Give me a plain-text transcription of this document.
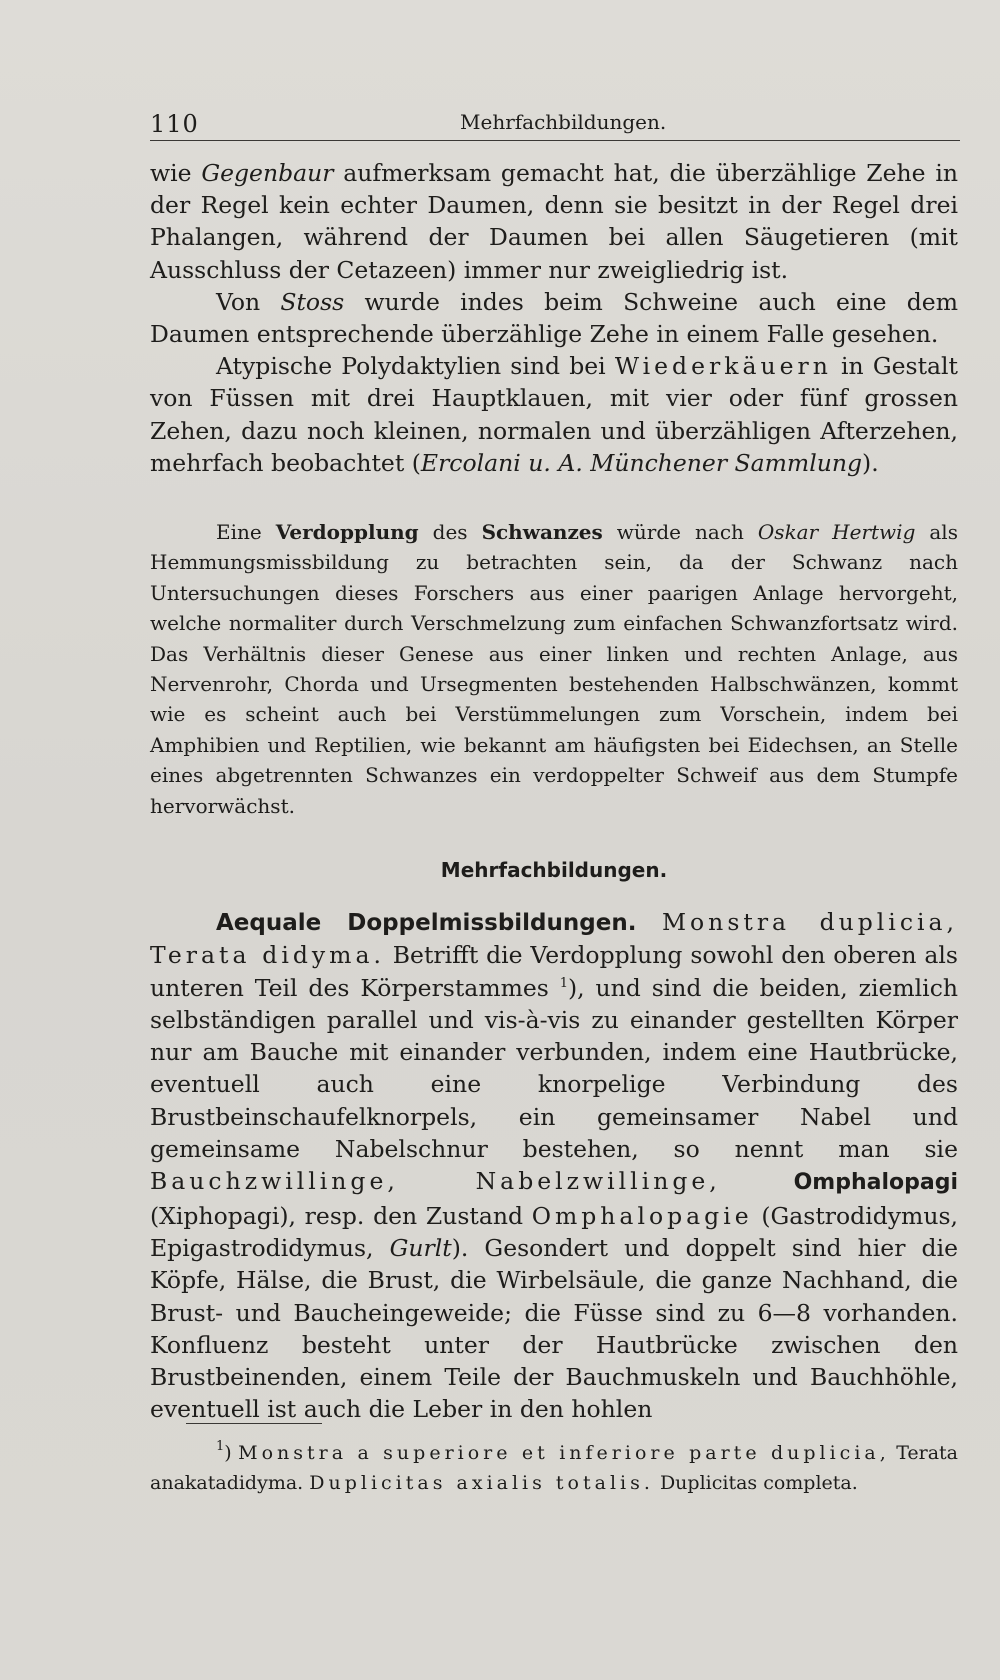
110	Mehrfachbildungen.

wie Gegenbaur aufmerksam gemacht hat, die überzählige Zehe in der Regel kein echter Daumen, denn sie besitzt in der Regel drei Phalangen, während der Daumen bei allen Säugetieren (mit Ausschluss der Cetazeen) immer nur zweigliedrig ist.

Von Stoss wurde indes beim Schweine auch eine dem Daumen entsprechende überzählige Zehe in einem Falle gesehen.

Atypische Polydaktylien sind bei Wiederkäuern in Gestalt von Füssen mit drei Hauptklauen, mit vier oder fünf grossen Zehen, dazu noch kleinen, normalen und überzähligen Afterzehen, mehrfach beobachtet (Ercolani u. A. Münchener Sammlung).

Eine Verdopplung des Schwanzes würde nach Oskar Hertwig als Hemmungsmissbildung zu betrachten sein, da der Schwanz nach Untersuchungen dieses Forschers aus einer paarigen Anlage hervorgeht, welche normaliter durch Verschmelzung zum einfachen Schwanzfortsatz wird. Das Verhältnis dieser Genese aus einer linken und rechten Anlage, aus Nervenrohr, Chorda und Ursegmenten bestehenden Halbschwänzen, kommt wie es scheint auch bei Verstümmelungen zum Vorschein, indem bei Amphibien und Reptilien, wie bekannt am häufigsten bei Eidechsen, an Stelle eines abgetrennten Schwanzes ein verdoppelter Schweif aus dem Stumpfe hervorwächst.

Mehrfachbildungen.

Aequale Doppelmissbildungen. Monstra duplicia, Terata didyma. Betrifft die Verdopplung sowohl den oberen als unteren Teil des Körperstammes $^1$), und sind die beiden, ziemlich selbständigen parallel und vis-à-vis zu einander gestellten Körper nur am Bauche mit einander verbunden, indem eine Hautbrücke, eventuell auch eine knorpelige Verbindung des Brustbeinschaufelknorpels, ein gemeinsamer Nabel und gemeinsame Nabelschnur bestehen, so nennt man sie Bauchzwillinge, Nabelzwillinge,	Omphalopagi (Xiphopagi), resp. den Zustand Omphalopagie (Gastrodidymus, Epigastrodidymus, Gurlt). Gesondert und doppelt sind hier die Köpfe, Hälse, die Brust, die Wirbelsäule, die ganze Nachhand, die Brust- und Baucheingeweide; die Füsse sind zu 6—8 vorhanden. Konfluenz besteht unter der Hautbrücke zwischen den Brustbeinenden, einem Teile der Bauchmuskeln und Bauchhöhle, eventuell ist auch die Leber in den hohlen

$^1$) Monstra a superiore et inferiore parte duplicia, Terata anakatadidyma. Duplicitas axialis totalis. Duplicitas completa.
